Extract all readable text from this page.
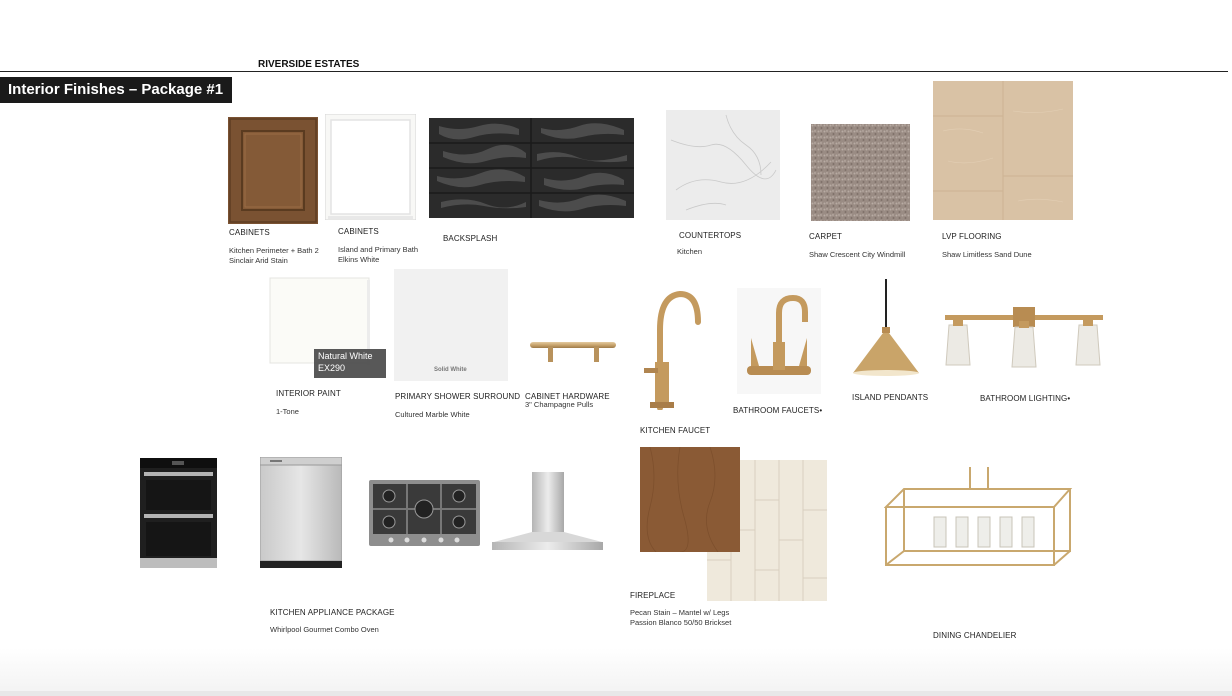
RIVERSIDE ESTATES
Interior Finishes – Package #1
CABINETS
Kitchen Perimeter + Bath 2
Sinclair Arid Stain
CABINETS
Island and Primary Bath
Elkins White
BACKSPLASH	COUNTERTOPS
Kitchen
CARPET
Shaw Crescent City Windmill
LVP FLOORING
Shaw Limitless Sand Dune
Natural White
EX290
INTERIOR PAINT
1-Tone
Solid White
PRIMARY SHOWER SURROUND
Cultured Marble White
CABINET HARDWARE
3" Champagne Pulls
KITCHEN FAUCET
BATHROOM FAUCETS•
ISLAND PENDANTS	BATHROOM LIGHTING•
KITCHEN APPLIANCE PACKAGE
Whirlpool Gourmet Combo Oven
FIREPLACE
Pecan Stain – Mantel w/ Legs
Passion Blanco 50/50 Brickset
DINING CHANDELIER
